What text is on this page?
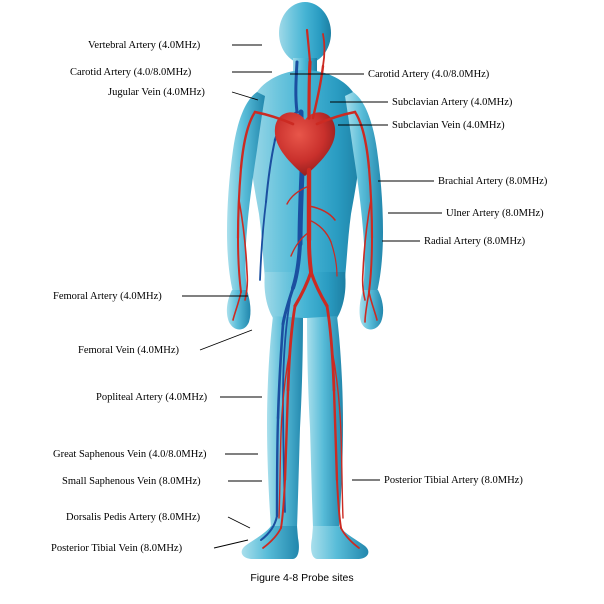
Vertebral Artery (4.0MHz)
Carotid Artery (4.0/8.0MHz)
Jugular Vein (4.0MHz)
Femoral Artery (4.0MHz)
Femoral Vein (4.0MHz)
Popliteal Artery (4.0MHz)
Great Saphenous Vein (4.0/8.0MHz)
Small Saphenous Vein (8.0MHz)
Dorsalis Pedis Artery (8.0MHz)
Posterior Tibial Vein (8.0MHz)
Carotid Artery (4.0/8.0MHz)
Subclavian Artery (4.0MHz)
Subclavian Vein (4.0MHz)
Brachial Artery (8.0MHz)
Ulner Artery (8.0MHz)
Radial Artery (8.0MHz)
Posterior Tibial Artery (8.0MHz)
Figure 4-8 Probe sites
